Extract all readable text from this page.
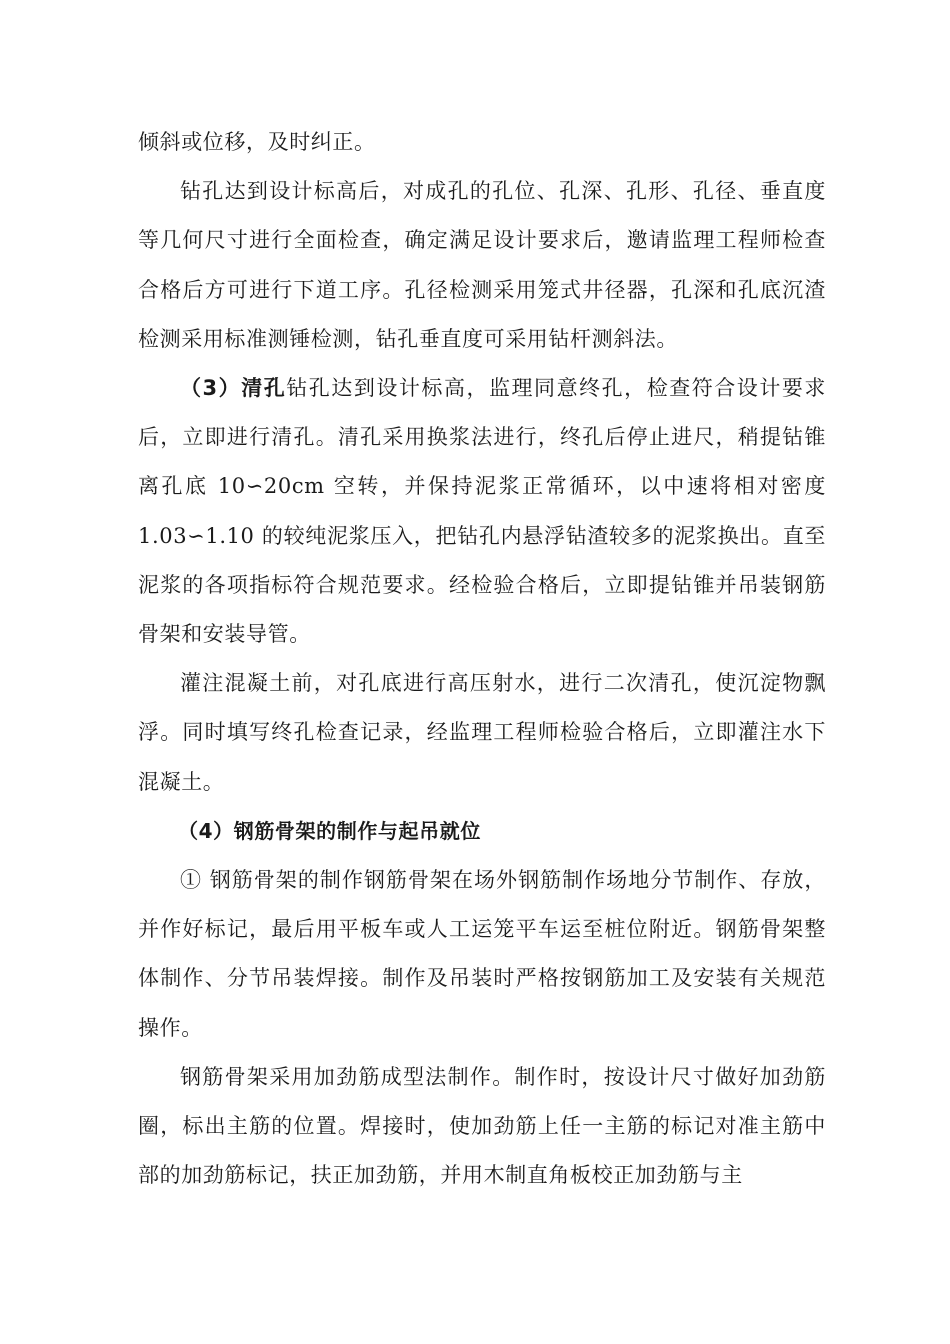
倾斜或位移，及时纠正。

钻孔达到设计标高后，对成孔的孔位、孔深、孔形、孔径、垂直度等几何尺寸进行全面检查，确定满足设计要求后，邀请监理工程师检查合格后方可进行下道工序。孔径检测采用笼式井径器，孔深和孔底沉渣检测采用标准测锤检测，钻孔垂直度可采用钻杆测斜法。

（3）清孔钻孔达到设计标高，监理同意终孔，检查符合设计要求后，立即进行清孔。清孔采用换浆法进行，终孔后停止进尺，稍提钻锥离孔底 10∽20cm 空转，并保持泥浆正常循环，以中速将相对密度 1.03∽1.10 的较纯泥浆压入，把钻孔内悬浮钻渣较多的泥浆换出。直至泥浆的各项指标符合规范要求。经检验合格后，立即提钻锥并吊装钢筋骨架和安装导管。

灌注混凝土前，对孔底进行高压射水，进行二次清孔，使沉淀物飘浮。同时填写终孔检查记录，经监理工程师检验合格后，立即灌注水下混凝土。

（4）钢筋骨架的制作与起吊就位

① 钢筋骨架的制作钢筋骨架在场外钢筋制作场地分节制作、存放，并作好标记，最后用平板车或人工运笼平车运至桩位附近。钢筋骨架整体制作、分节吊装焊接。制作及吊装时严格按钢筋加工及安装有关规范操作。

钢筋骨架采用加劲筋成型法制作。制作时，按设计尺寸做好加劲筋圈，标出主筋的位置。焊接时，使加劲筋上任一主筋的标记对准主筋中部的加劲筋标记，扶正加劲筋，并用木制直角板校正加劲筋与主
